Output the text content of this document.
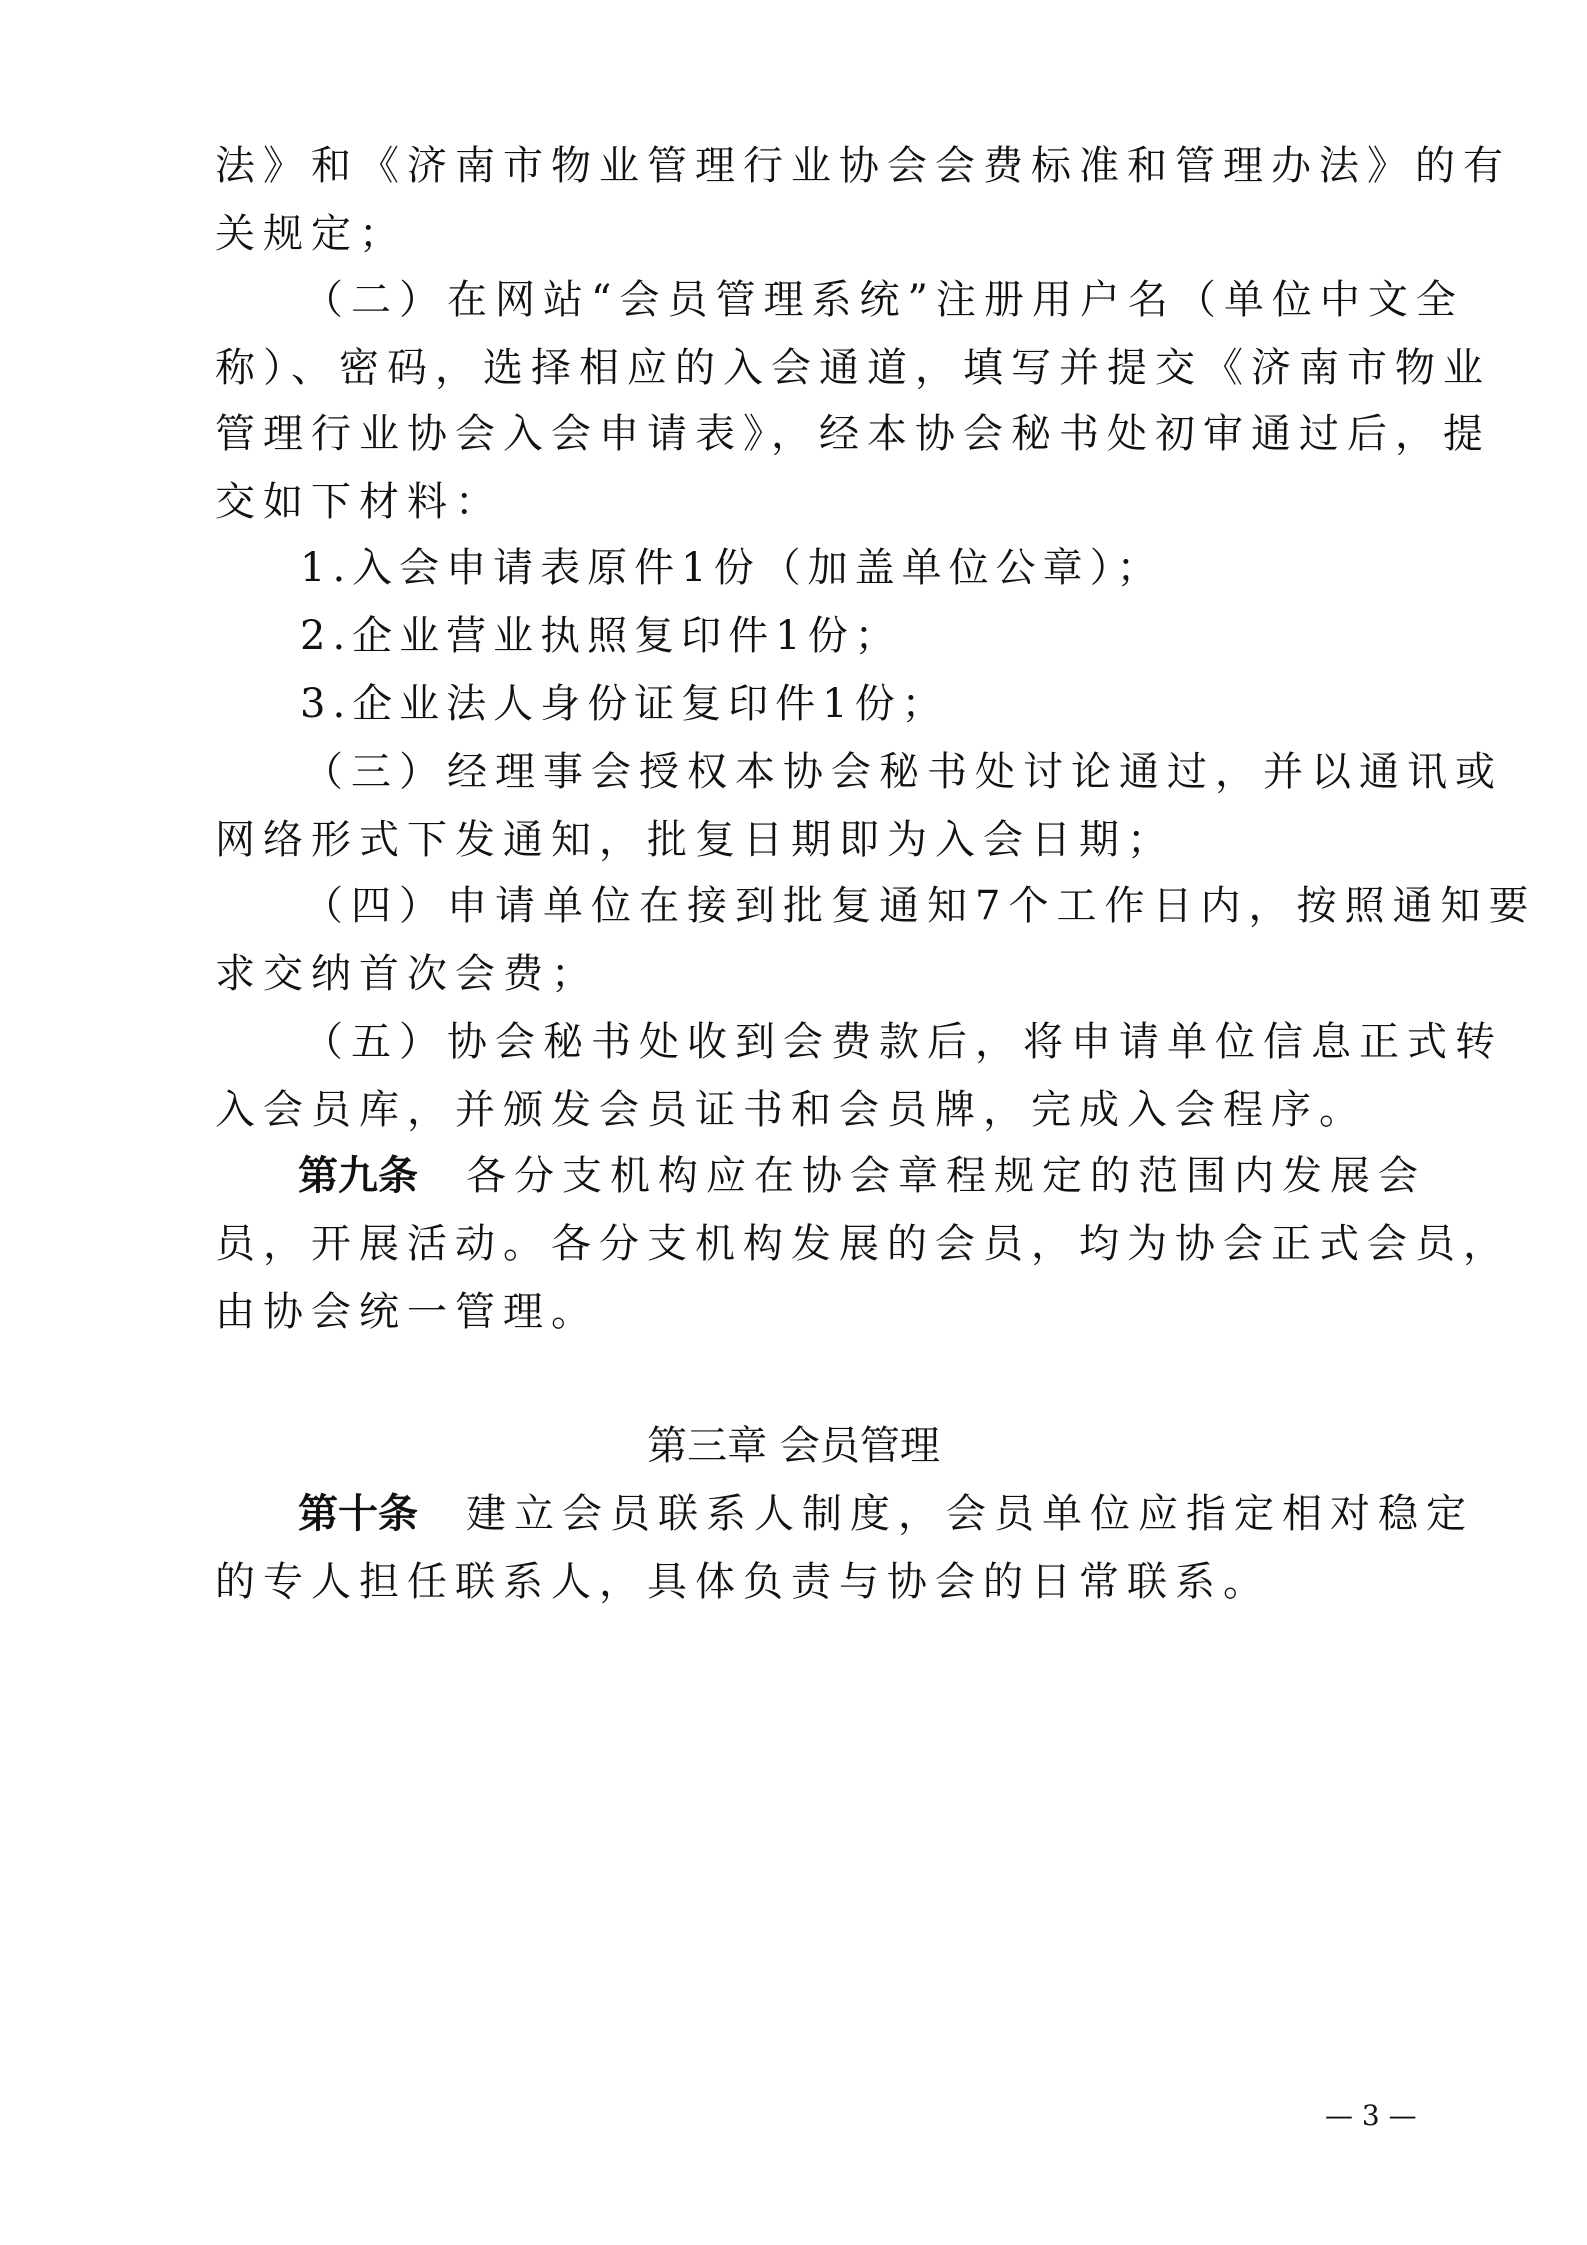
法》和《济南市物业管理行业协会会费标准和管理办法》的有
关规定；
（二）在网站“会员管理系统”注册用户名（单位中文全
称）、密码，选择相应的入会通道，填写并提交《济南市物业
管理行业协会入会申请表》，经本协会秘书处初审通过后，提
交如下材料：
1.入会申请表原件1份（加盖单位公章）；
2.企业营业执照复印件1份；
3.企业法人身份证复印件1份；
（三）经理事会授权本协会秘书处讨论通过，并以通讯或
网络形式下发通知，批复日期即为入会日期；
（四）申请单位在接到批复通知7个工作日内，按照通知要
求交纳首次会费；
（五）协会秘书处收到会费款后，将申请单位信息正式转
入会员库，并颁发会员证书和会员牌，完成入会程序。
第九条 各分支机构应在协会章程规定的范围内发展会
员，开展活动。各分支机构发展的会员，均为协会正式会员，
由协会统一管理。
第三章 会员管理
第十条 建立会员联系人制度，会员单位应指定相对稳定
的专人担任联系人，具体负责与协会的日常联系。
— 3 —
